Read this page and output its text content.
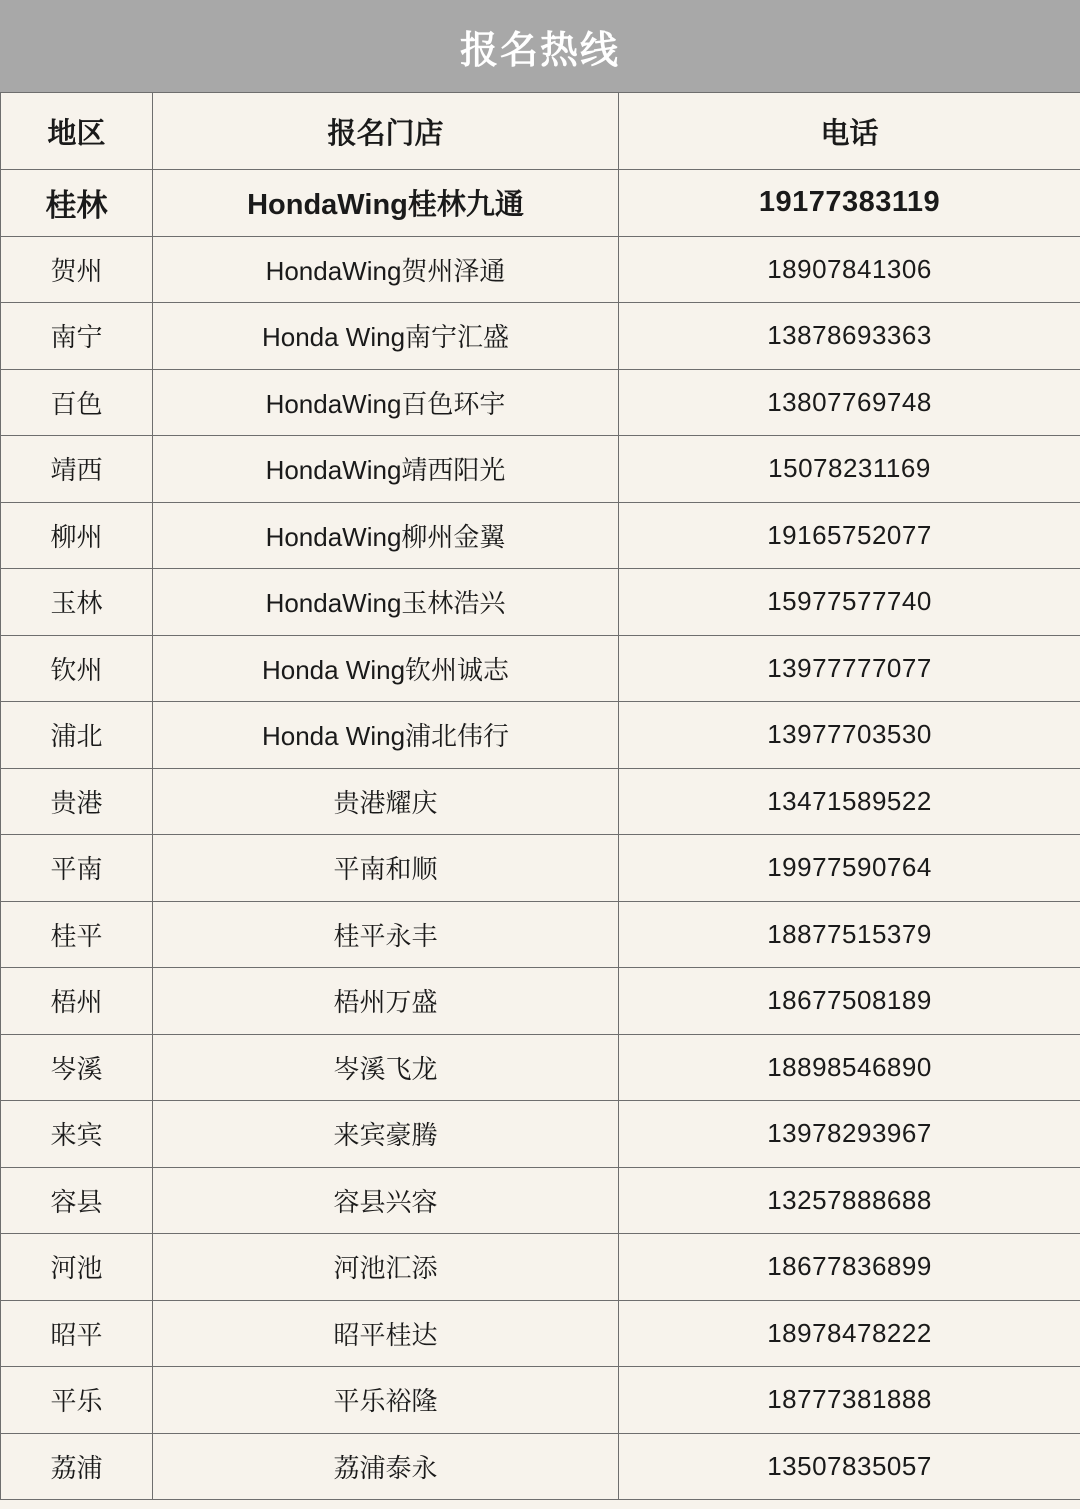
报名热线
地区	报名门店	电话
桂林	HondaWing桂林九通	19177383119
贺州	HondaWing贺州泽通	18907841306
南宁	Honda Wing南宁汇盛	13878693363
百色	HondaWing百色环宇	13807769748
靖西	HondaWing靖西阳光	15078231169
柳州	HondaWing柳州金翼	19165752077
玉林	HondaWing玉林浩兴	15977577740
钦州	Honda Wing钦州诚志	13977777077
浦北	Honda Wing浦北伟行	13977703530
贵港	贵港耀庆	13471589522
平南	平南和顺	19977590764
桂平	桂平永丰	18877515379
梧州	梧州万盛	18677508189
岑溪	岑溪飞龙	18898546890
来宾	来宾豪腾	13978293967
容县	容县兴容	13257888688
河池	河池汇添	18677836899
昭平	昭平桂达	18978478222
平乐	平乐裕隆	18777381888
荔浦	荔浦泰永	13507835057
